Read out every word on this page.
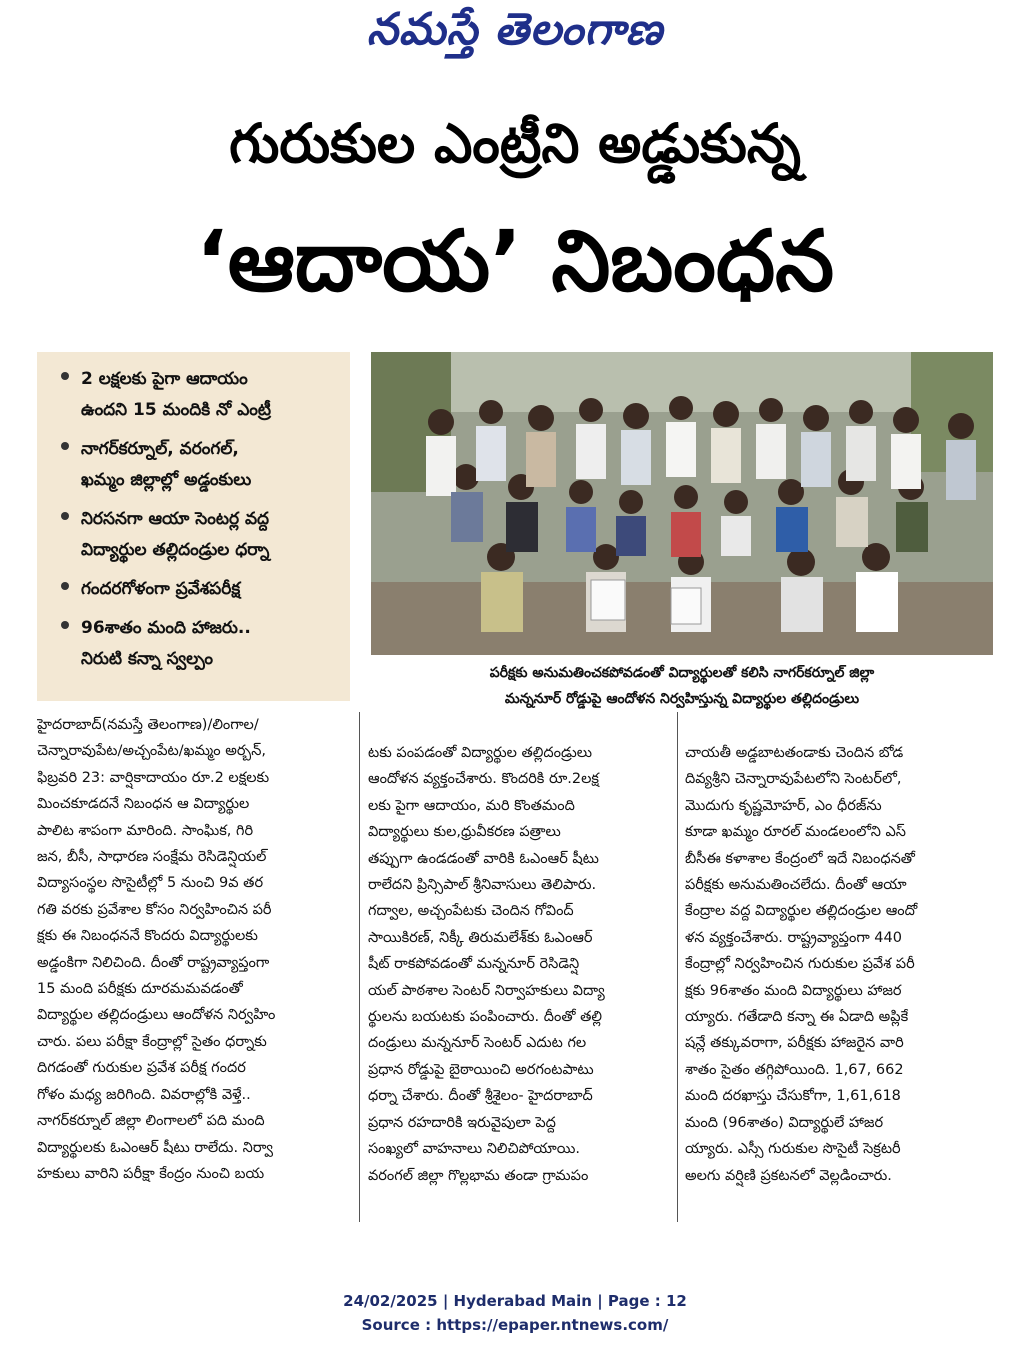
నమస్తే తెలంగాణ
గురుకుల ఎంట్రీని అడ్డుకున్న
‘ఆదాయ’ నిబంధన
2 లక్షలకు పైగా ఆదాయం
ఉందని 15 మందికి నో ఎంట్రీ
నాగర్‌కర్నూల్, వరంగల్,
ఖమ్మం జిల్లాల్లో అడ్డంకులు
నిరసనగా ఆయా సెంటర్ల వద్ద
విద్యార్థుల తల్లిదండ్రుల ధర్నా
గందరగోళంగా ప్రవేశపరీక్ష
96శాతం మంది హాజరు..
నిరుటి కన్నా స్వల్పం
పరీక్షకు అనుమతించకపోవడంతో విద్యార్థులతో కలిసి నాగర్‌కర్నూల్ జిల్లా
మన్ననూర్ రోడ్డుపై ఆందోళన నిర్వహిస్తున్న విద్యార్థుల తల్లిదండ్రులు
హైదరాబాద్(నమస్తే తెలంగాణ)/లింగాల/
చెన్నారావుపేట/అచ్చంపేట/ఖమ్మం అర్బన్,
ఫిబ్రవరి 23: వార్షికాదాయం రూ.2 లక్షలకు
మించకూడదనే నిబంధన ఆ విద్యార్థుల
పాలిట శాపంగా మారింది. సాంఘిక, గిరి
జన, బీసీ, సాధారణ సంక్షేమ రెసిడెన్షియల్
విద్యాసంస్థల సొసైటీల్లో 5 నుంచి 9వ తర
గతి వరకు ప్రవేశాల కోసం నిర్వహించిన పరీ
క్షకు ఈ నిబంధననే కొందరు విద్యార్థులకు
అడ్డంకిగా నిలిచింది. దీంతో రాష్ట్రవ్యాప్తంగా
15 మంది పరీక్షకు దూరమమవడంతో
విద్యార్థుల తల్లిదండ్రులు ఆందోళన నిర్వహిం
చారు. పలు పరీక్షా కేంద్రాల్లో సైతం ధర్నాకు
దిగడంతో గురుకుల ప్రవేశ పరీక్ష గందర
గోళం మధ్య జరిగింది. వివరాల్లోకి వెళ్తే..
నాగర్‌కర్నూల్ జిల్లా లింగాలలో పది మంది
విద్యార్థులకు ఓఎంఆర్ షీటు రాలేదు. నిర్వా
హకులు వారిని పరీక్షా కేంద్రం నుంచి బయ
టకు పంపడంతో విద్యార్థుల తల్లిదండ్రులు
ఆందోళన వ్యక్తంచేశారు. కొందరికి రూ.2లక్ష
లకు పైగా ఆదాయం, మరి కొంతమంది
విద్యార్థులు కుల,ధ్రువీకరణ పత్రాలు
తప్పుగా ఉండడంతో వారికి ఓఎంఆర్ షీటు
రాలేదని ప్రిన్సిపాల్ శ్రీనివాసులు తెలిపారు.
గద్వాల, అచ్చంపేటకు చెందిన గోవింద్
సాయికిరణ్, నిక్కీ తిరుమలేశ్‌కు ఓఎంఆర్
షీట్ రాకపోవడంతో మన్ననూర్ రెసిడెన్షి
యల్ పాఠశాల సెంటర్ నిర్వాహకులు విద్యా
ర్థులను బయటకు పంపించారు. దీంతో తల్లి
దండ్రులు మన్ననూర్ సెంటర్ ఎదుట గల
ప్రధాన రోడ్డుపై బైఠాయించి అరగంటపాటు
ధర్నా చేశారు. దీంతో శ్రీశైలం- హైదరాబాద్
ప్రధాన రహదారికి ఇరువైపులా పెద్ద
సంఖ్యలో వాహనాలు నిలిచిపోయాయి.
వరంగల్ జిల్లా గొల్లభామ తండా గ్రామపం
చాయతీ అడ్డబాటతండాకు చెందిన బోడ
దివ్యశ్రీని చెన్నారావుపేటలోని సెంటర్‌లో,
మొదుగు కృష్ణమోహర్, ఎం ధీరజ్‌ను
కూడా ఖమ్మం రూరల్ మండలంలోని ఎస్
బీసీఈ కళాశాల కేంద్రంలో ఇదే నిబంధనతో
పరీక్షకు అనుమతించలేదు. దీంతో ఆయా
కేంద్రాల వద్ద విద్యార్థుల తల్లిదండ్రుల ఆందో
ళన వ్యక్తంచేశారు. రాష్ట్రవ్యాప్తంగా 440
కేంద్రాల్లో నిర్వహించిన గురుకుల ప్రవేశ పరీ
క్షకు 96శాతం మంది విద్యార్థులు హాజర
య్యారు. గతేడాది కన్నా ఈ ఏడాది అప్లికే
షన్లే తక్కువరాగా, పరీక్షకు హాజరైన వారి
శాతం సైతం తగ్గిపోయింది. 1,67, 662
మంది దరఖాస్తు చేసుకోగా, 1,61,618
మంది (96శాతం) విద్యార్థులే హాజర
య్యారు. ఎస్సీ గురుకుల సొసైటీ సెక్రటరీ
అలగు వర్షిణి ప్రకటనలో వెల్లడించారు.
24/02/2025 | Hyderabad Main | Page : 12
Source : https://epaper.ntnews.com/
